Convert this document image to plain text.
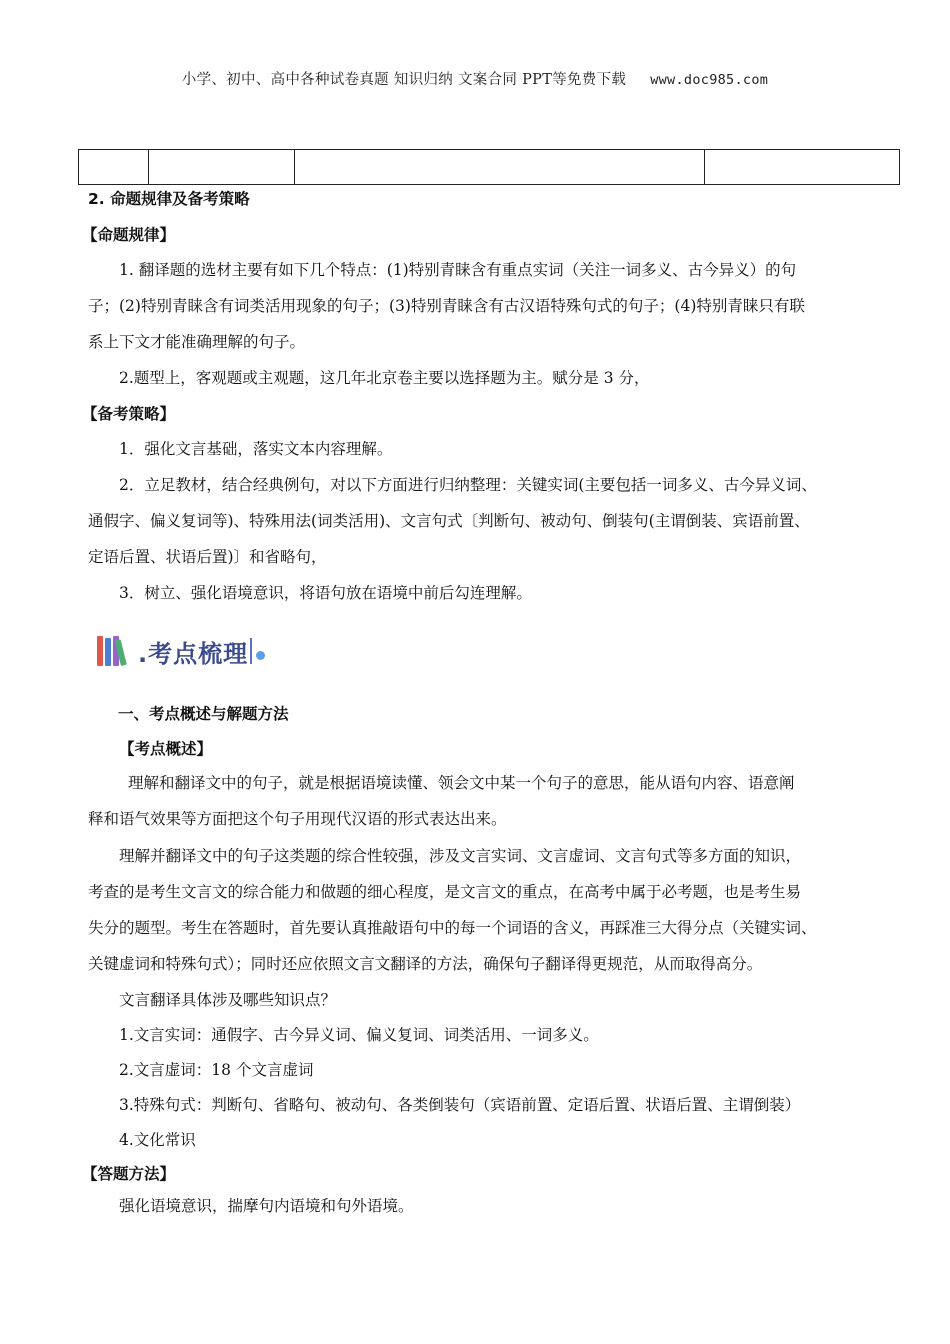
小学、初中、高中各种试卷真题 知识归纳 文案合同 PPT等免费下载 www.doc985.com

2. 命题规律及备考策略
【命题规律】
1. 翻译题的选材主要有如下几个特点：(1)特别青睐含有重点实词（关注一词多义、古今异义）的句
子；(2)特别青睐含有词类活用现象的句子；(3)特别青睐含有古汉语特殊句式的句子；(4)特别青睐只有联
系上下文才能准确理解的句子。
2.题型上，客观题或主观题，这几年北京卷主要以选择题为主。赋分是 3 分，
【备考策略】
1．强化文言基础，落实文本内容理解。
2．立足教材，结合经典例句，对以下方面进行归纳整理：关键实词(主要包括一词多义、古今异义词、
通假字、偏义复词等)、特殊用法(词类活用)、文言句式〔判断句、被动句、倒装句(主谓倒装、宾语前置、
定语后置、状语后置)〕和省略句，
3．树立、强化语境意识，将语句放在语境中前后勾连理解。
.考点梳理
一、考点概述与解题方法
【考点概述】
理解和翻译文中的句子，就是根据语境读懂、领会文中某一个句子的意思，能从语句内容、语意阐
释和语气效果等方面把这个句子用现代汉语的形式表达出来。
理解并翻译文中的句子这类题的综合性较强，涉及文言实词、文言虚词、文言句式等多方面的知识，
考查的是考生文言文的综合能力和做题的细心程度，是文言文的重点，在高考中属于必考题，也是考生易
失分的题型。考生在答题时，首先要认真推敲语句中的每一个词语的含义，再踩准三大得分点（关键实词、
关键虚词和特殊句式）；同时还应依照文言文翻译的方法，确保句子翻译得更规范，从而取得高分。
文言翻译具体涉及哪些知识点？
1.文言实词：通假字、古今异义词、偏义复词、词类活用、一词多义。
2.文言虚词：18 个文言虚词
3.特殊句式：判断句、省略句、被动句、各类倒装句（宾语前置、定语后置、状语后置、主谓倒装）
4.文化常识
【答题方法】
强化语境意识，揣摩句内语境和句外语境。
